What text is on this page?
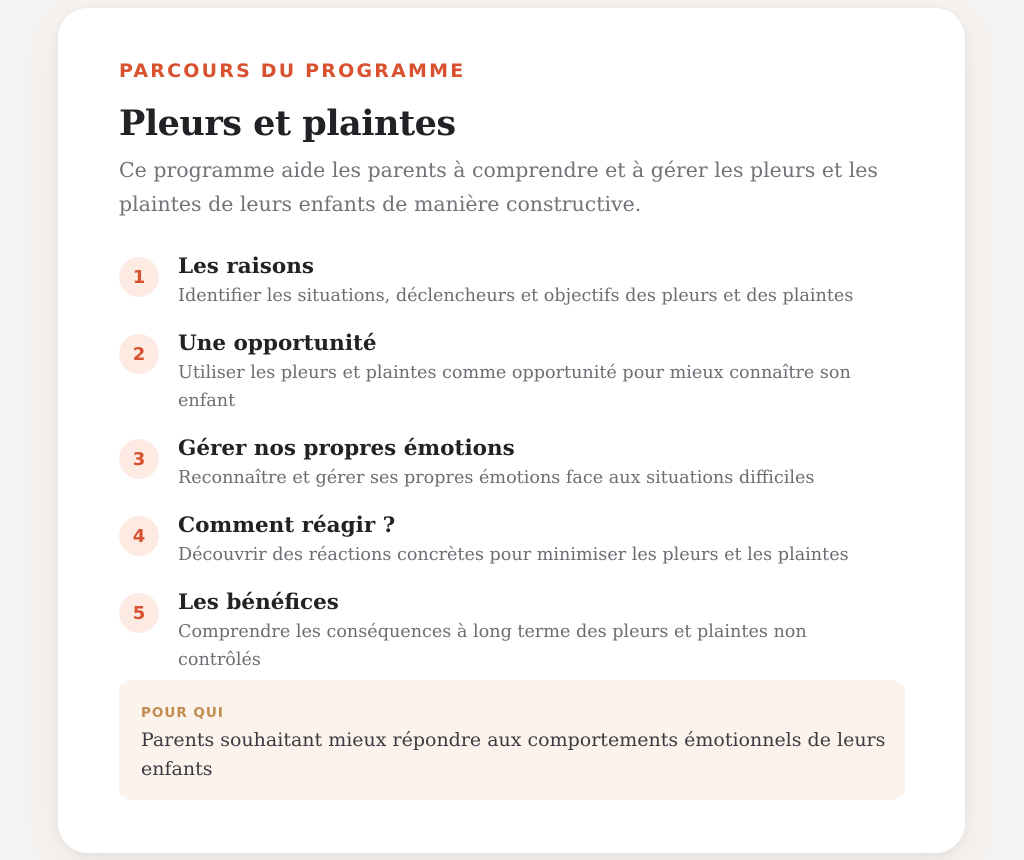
PARCOURS DU PROGRAMME

Pleurs et plaintes

Ce programme aide les parents à comprendre et à gérer les pleurs et les plaintes de leurs enfants de manière constructive.

1	Les raisons

Identifier les situations, déclencheurs et objectifs des pleurs et des plaintes

2	Une opportunité

Utiliser les pleurs et plaintes comme opportunité pour mieux connaître son enfant

3	Gérer nos propres émotions

Reconnaître et gérer ses propres émotions face aux situations difficiles

4	Comment réagir ?

Découvrir des réactions concrètes pour minimiser les pleurs et les plaintes

5	Les bénéfices

Comprendre les conséquences à long terme des pleurs et plaintes non contrôlés

POUR QUI

Parents souhaitant mieux répondre aux comportements émotionnels de leurs enfants
